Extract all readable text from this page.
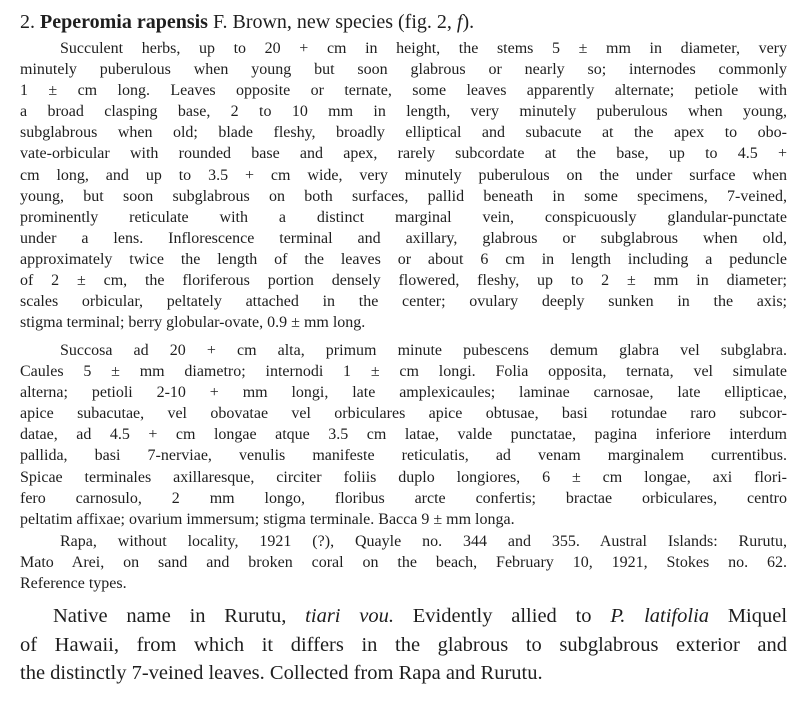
2. Peperomia rapensis F. Brown, new species (fig. 2, f).
Succulent herbs, up to 20 + cm in height, the stems 5 ± mm in diameter, very
minutely puberulous when young but soon glabrous or nearly so; internodes commonly
1 ± cm long. Leaves opposite or ternate, some leaves apparently alternate; petiole with
a broad clasping base, 2 to 10 mm in length, very minutely puberulous when young,
subglabrous when old; blade fleshy, broadly elliptical and subacute at the apex to obo-
vate-orbicular with rounded base and apex, rarely subcordate at the base, up to 4.5 +
cm long, and up to 3.5 + cm wide, very minutely puberulous on the under surface when
young, but soon subglabrous on both surfaces, pallid beneath in some specimens, 7-veined,
prominently reticulate with a distinct marginal vein, conspicuously glandular-punctate
under a lens. Inflorescence terminal and axillary, glabrous or subglabrous when old,
approximately twice the length of the leaves or about 6 cm in length including a peduncle
of 2 ± cm, the floriferous portion densely flowered, fleshy, up to 2 ± mm in diameter;
scales orbicular, peltately attached in the center; ovulary deeply sunken in the axis;
stigma terminal; berry globular-ovate, 0.9 ± mm long.
Succosa ad 20 + cm alta, primum minute pubescens demum glabra vel subglabra.
Caules 5 ± mm diametro; internodi 1 ± cm longi. Folia opposita, ternata, vel simulate
alterna; petioli 2-10 + mm longi, late amplexicaules; laminae carnosae, late ellipticae,
apice subacutae, vel obovatae vel orbiculares apice obtusae, basi rotundae raro subcor-
datae, ad 4.5 + cm longae atque 3.5 cm latae, valde punctatae, pagina inferiore interdum
pallida, basi 7-nerviae, venulis manifeste reticulatis, ad venam marginalem currentibus.
Spicae terminales axillaresque, circiter foliis duplo longiores, 6 ± cm longae, axi flori-
fero carnosulo, 2 mm longo, floribus arcte confertis; bractae orbiculares, centro
peltatim affixae; ovarium immersum; stigma terminale. Bacca 9 ± mm longa.
Rapa, without locality, 1921 (?), Quayle no. 344 and 355. Austral Islands: Rurutu,
Mato Arei, on sand and broken coral on the beach, February 10, 1921, Stokes no. 62.
Reference types.
Native name in Rurutu, tiari vou. Evidently allied to P. latifolia Miquel
of Hawaii, from which it differs in the glabrous to subglabrous exterior and
the distinctly 7-veined leaves. Collected from Rapa and Rurutu.
